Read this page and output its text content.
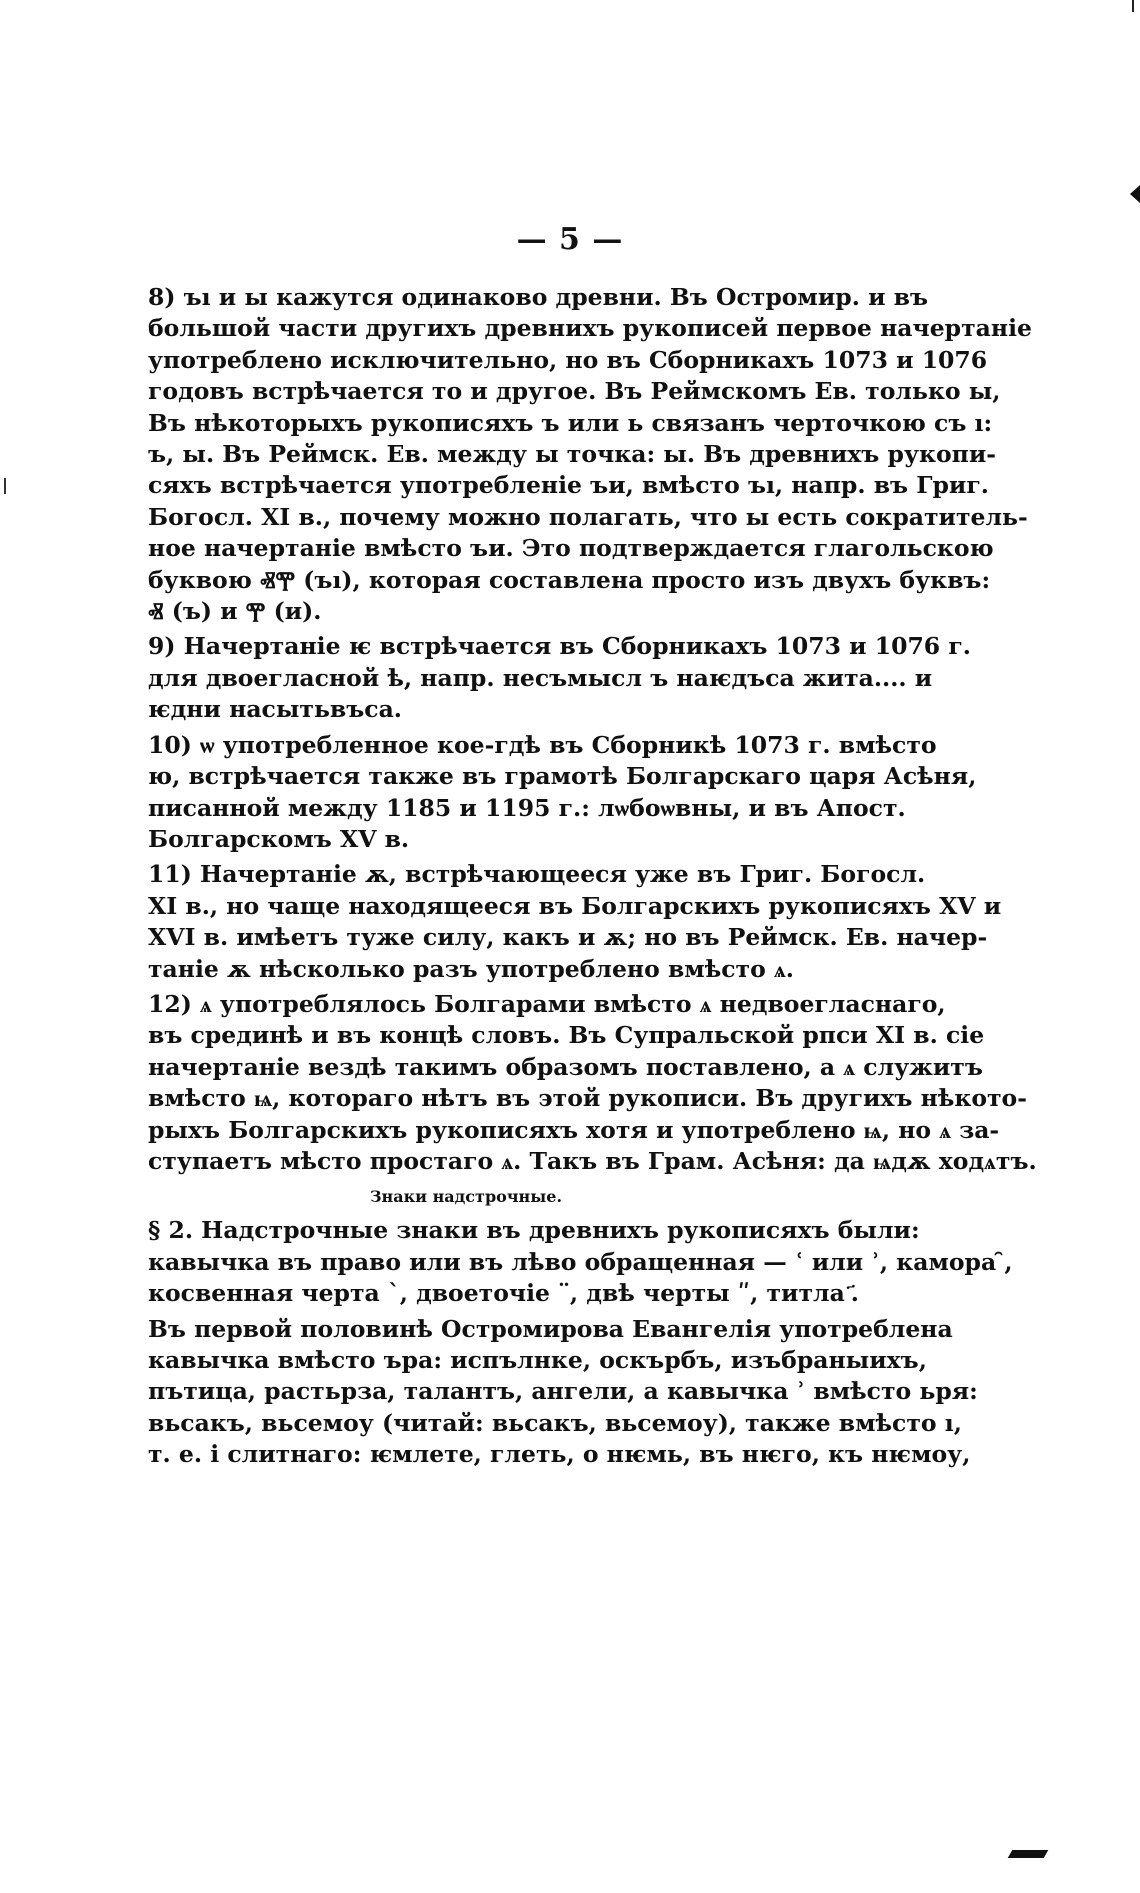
— 5 —
8) ъı и ы кажутся одинаково древни. Въ Остромир. и въ
большой части другихъ древнихъ рукописей первое начертаніе
употреблено исключительно, но въ Сборникахъ 1073 и 1076
годовъ встрѣчается то и другое. Въ Реймскомъ Ев. только ы,
Въ нѣкоторыхъ рукописяхъ ъ или ь связанъ черточкою съ ı:
ъ, ы. Въ Реймск. Ев. между ы точка: ы. Въ древнихъ рукопи-
сяхъ встрѣчается употребленіе ъи, вмѣсто ъı, напр. въ Григ.
Богосл. XI в., почему можно полагать, что ы есть сократитель-
ное начертаніе вмѣсто ъи. Это подтверждается глагольскою
буквою ⰟⰉ (ъı), которая составлена просто изъ двухъ буквъ:
Ⱏ (ъ) и Ⰹ (и).
9) Начертаніе ѥ встрѣчается въ Сборникахъ 1073 и 1076 г.
для двоегласной ѣ, напр. несъмысл ъ наѥдъса жита.... и
ѥдни насытьвъса.
10) ѡ употребленное кое-гдѣ въ Сборникѣ 1073 г. вмѣсто
ю, встрѣчается также въ грамотѣ Болгарскаго царя Асѣня,
писанной между 1185 и 1195 г.: лѡбоѡвны, и въ Апост.
Болгарскомъ XV в.
11) Начертаніе ѫ, встрѣчающееся уже въ Григ. Богосл.
XI в., но чаще находящееся въ Болгарскихъ рукописяхъ XV и
XVI в. имѣетъ туже силу, какъ и ѫ; но въ Реймск. Ев. начер-
таніе ѫ нѣсколько разъ употреблено вмѣсто ѧ.
12) ѧ употреблялось Болгарами вмѣсто ѧ недвоегласнаго,
въ срединѣ и въ концѣ словъ. Въ Супральской рпси XI в. сіе
начертаніе вездѣ такимъ образомъ поставлено, а ѧ служитъ
вмѣсто ѩ, котораго нѣтъ въ этой рукописи. Въ другихъ нѣкото-
рыхъ Болгарскихъ рукописяхъ хотя и употреблено ѩ, но ѧ за-
ступаетъ мѣсто простаго ѧ. Такъ въ Грам. Асѣня: да ѩдѫ ходѧтъ.
Знаки надстрочные.
§ 2. Надстрочные знаки въ древнихъ рукописяхъ были:
кавычка въ право или въ лѣво обращенная — ʿ или ʾ, камора ̑,
косвенная черта ˋ, двоеточіе ¨, двѣ черты ʺ, титла ҃.
Въ первой половинѣ Остромирова Евангелія употреблена
кавычка вмѣсто ъра: испълнке, оскърбъ, изъбраныихъ,
пътица, растьрза, талантъ, ангели, а кавычка ʾ вмѣсто ьря:
вьсакъ, вьсемоу (читай: вьсакъ, вьсемоу), также вмѣсто ı,
т. е. і слитнаго: ѥмлете, глеть, о нѥмь, въ нѥго, къ нѥмоу,
